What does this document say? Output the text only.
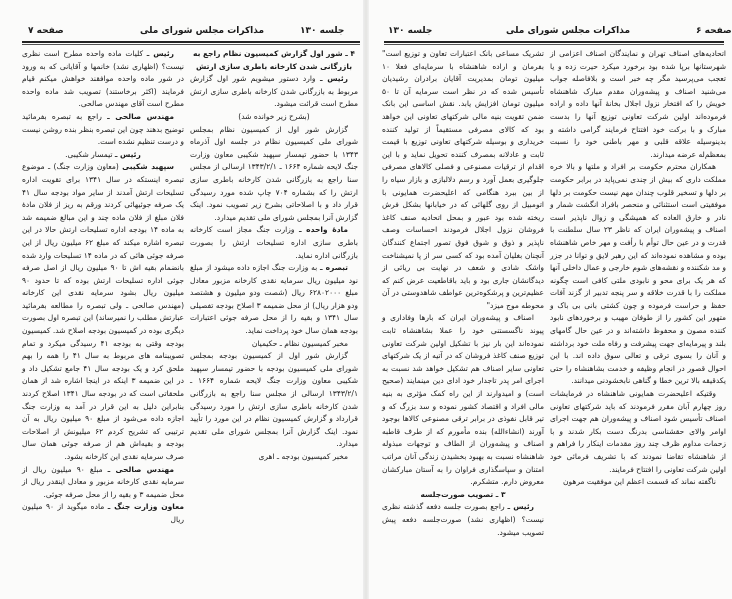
صفحه ۷	مذاکرات مجلس شورای ملی	جلسه ۱۳۰

۴ ـ شور اول گزارش کمیسیون نظام راجع به بازرگانی شدن کارخانه باطری سازی ارتش

رئیس ـ وارد دستور میشویم شور اول گزارش مربوط به بازرگانی شدن کارخانه باطری سازی ارتش مطرح است قرائت میشود.

(بشرح زیر خوانده شد)

گزارش شور اول از کمیسیون نظام بمجلس شورای ملی کمیسیون نظام در جلسه اول آذرماه ۱۳۴۳ با حضور تیمسار سپهبد شکیبی معاون وزارت جنگ لایحه شماره ۱۶۶۴ ـ ۱۳۴۳/۲/۱ ارسالی از مجلس سنا راجع به بازرگانی شدن کارخانه باطری سازی ارتش را که بشماره ۷۰۴ چاپ شده مورد رسیدگی قرار داد و با اصلاحاتی بشرح زیر تصویب نمود. اینک گزارش آنرا بمجلس شورای ملی تقدیم میدارد.

مادهٔ واحده ـ وزارت جنگ مجاز است کارخانه باطری سازی اداره تسلیحات ارتش را بصورت بازرگانی اداره نماید.

تبصره ـ به وزارت جنگ اجازه داده میشود از مبلغ نود میلیون ریال سرمایه نقدی کارخانه مزبور معادل مبلغ ۶۲۸۰۲۰۰۰ ریال (شصت ودو میلیون و هشتصد ودو هزار ریال) از محل ضمیمه ۳ اصلاح بودجه تفصیلی سال ۱۳۴۱ و بقیه را از محل صرفه جوئی اعتبارات بودجه همان سال خود پرداخت نماید.

مخبر کمیسیون نظام ـ حکیمیان

گزارش شور اول از کمیسیون بودجه بمجلس شورای ملی کمیسیون بودجه با حضور تیمسار سپهبد شکیبی معاون وزارت جنگ لایحه شماره ۱۶۶۴ ـ ۱۳۴۳/۲/۱ ارسالی از مجلس سنا راجع به بازرگانی شدن کارخانه باطری سازی ارتش را مورد رسیدگی قرارداد و گزارش کمیسیون نظام در این مورد را تأیید نمود. اینک گزارش آنرا بمجلس شورای ملی تقدیم میدارد.

مخبر کمیسیون بودجه ـ اهری

رئیس ـ کلیات ماده واحده مطرح است نظری نیست؟ (اظهاری نشد) خانمها و آقایانی که به ورود در شور ماده واحده موافقند خواهش میکنم قیام فرمایند (اکثر برخاستند) تصویب شد ماده واحده مطرح است آقای مهندس صالحی.

مهندس صالحی ـ راجع به تبصره بفرمائید توضیح بدهند چون این تبصره بنظر بنده روشن نیست و درست تنظیم نشده است.

رئیس ـ تیمسار شکیبی.

سپهبد شکیبی (معاون وزارت جنگ) ـ موضوع تبصره اینستکه در سال ۱۳۴۱ برای تقویت اداره تسلیحات ارتش آمدند از سایر مواد بودجه سال ۴۱ یک صرفه جوئیهائی کردند ورقم به ریز از فلان مادهٔ فلان مبلغ از فلان ماده چند و این مبالغ ضمیمه شد به ماده ۱۴ بودجه اداره تسلیحات ارتش حالا در این تبصره اشاره میکند که مبلغ ۶۲ میلیون ریال از این صرفه جوئی هائی که در ماده ۱۴ تسلیحات وارد شده بانضمام بقیه اش تا ۹۰ میلیون ریال از اصل صرفه جوئی اداره تسلیحات ارتش بوده که تا حدود ۹۰ میلیون ریال بشود سرمایه نقدی این کارخانه (مهندس صالحی ـ ولی تبصره را مطالعه بفرمائید عبارتش مطلب را نمیرساند) این تبصره اول بصورت دیگری بوده در کمیسیون بودجه اصلاح شد. کمیسیون بودجه وقتی به بودجه ۴۱ رسیدگی میکرد و تمام تصویبنامه های مربوط به سال ۴۱ را همه را بهم ملحق کرد و یک بودجه سال ۴۱ جامع تشکیل داد و در این ضمیمه ۳ اینکه در اینجا اشاره شد از همان ملحقاتی است که در بودجه سال ۱۳۴۱ اصلاح کردند بنابراین دلیل به این قرار در آمد به وزارت جنگ اجازه داده می‌شود از مبلغ ۹۰ میلیون ریال به آن ترتیبی که تشریح کردم ۶۲ میلیونش از اصلاحات بودجه و بقیه‌اش هم از صرفه جوئی همان سال صرف سرمایه نقدی این کارخانه بشود.

مهندس صالحی ـ مبلغ ۹۰ میلیون ریال از سرمایه نقدی کارخانه مزبور و معادل اینقدر ریال از محل ضمیمه ۳ و بقیه را از محل صرفه جوئی.

معاون وزارت جنگ ـ ماده میگوید از ۹۰ میلیون ریال

جلسه ۱۳۰	مذاکرات مجلس شورای ملی	صفحه ۶

اتحادیه‌های اصناف تهران و نمایندگان اصناف اعزامی از شهرستانها برپا شده بود برخورد میکرد حیرت زده و یا تعجب می‌پرسید مگر چه خبر است و بلافاصله جواب می‌شنید اصناف و پیشه‌وران مقدم مبارک شاهنشاه خویش را که افتخار نزول اجلال بخانهٔ آنها داده و اراده فرموده‌اند اولین شرکت تعاونی توزیع آنها را بدست مبارک و با برکت خود افتتاح فرمایند گرامی داشته و بدینوسیله علاقه قلبی و مهر باطنی خود را نسبت بمعظم‌له عرضه میدارند.

همکاران محترم حکومت بر افراد و ملتها و بالا خره مملکت داری که بیش از چندی نمی‌پاید در برابر حکومت بر دلها و تسخیر قلوب چندان مهم نیست حکومت بر دلها موفقیتی است استثنائی و منحصر بافراد انگشت شمار و نادر و خارق العاده که همیشگی و زوال ناپذیر است اصناف و پیشه‌وران ایران که ناظر ۲۳ سال سلطنت با قدرت و در عین حال توأم با رأفت و مهر خاص شاهنشاه بوده و مشاهده نموده‌اند که این رهبر لایق و توانا در جزر و مد شکننده و نقشه‌های شوم خارجی و عمال داخلی آنها که هر یک برای محو و نابودی ملتی کافی است چگونه مملکت را با قدرت خلاقه و سر پنجه تدبیر از گزند آفات حفظ و حراست فرموده و چون کشتی بانی بی باک و متهور این کشور را از طوفان مهیب و برخوردهای نابود کننده مصون و محفوظ داشته‌اند و در عین حال گامهای بلند و پیرمایه‌ای جهت پیشرفت و رفاه ملت خود برداشته و آنان را بسوی ترقی و تعالی سوق داده اند. با این احوال قصور در انجام وظیفه و خدمت بشاهنشاه را حتی یکدقیقه بالا ترین خطا و گناهی نابخشودنی میدانند.

وقتیکه اعلیحضرت همایونی شاهنشاه در فرمایشات روز چهارم آبان مقرر فرمودند که باید شرکتهای تعاونی اصناف تأسیس شود اصناف و پیشه‌وران هم جهت اجرای اوامر والای حقشناسی بدرنگ دست بکار شدند و با زحمات مداوم ظرف چند روز مقدمات اینکار را فراهم و از شاهنشاه تقاضا نمودند که با تشریف فرمائی خود اولین شرکت تعاونی را افتتاح فرمایند.

ناگفته نماند که قسمت اعظم این موفقیت مرهون

تشریک مساعی بانک اعتبارات تعاون و توزیع است" بفرمان و اراده شاهنشاه با سرمایه‌ای فعلا ۱۰ میلیون تومان بمدیریت آقایان برادران رشیدیان تأسیس شده که در نظر است سرمایه آن تا ۵۰ میلیون تومان افزایش یابد. نقش اساسی این بانک ضمن تقویت بنیه مالی شرکتهای تعاونی این خواهد بود که کالای مصرفی مستقیماً از تولید کننده خریداری و بوسیله شرکتهای تعاونی توزیع با قیمت ثابت و عادلانه بمصرف کننده تحویل نماید و با این اقدام از ترقیات مصنوعی و فصلی کالاهای مصرفی جلوگیری بعمل آورد و رسم دلالبازی و بازار سیاه را از بین ببرد هنگامی که اعلیحضرت همایونی با اتومبیل از روی گلهائی که در خیابانها بشکل فرش ریخته شده بود عبور و بمحل اتحادیه صنف کاغذ فروشان نزول اجلال فرمودند احساسات وصف ناپذیر و ذوق و شوق فوق تصور اجتماع کنندگان آنچنان بغلیان آمده بود که کسی سر از پا نمیشناخت واشک شادی و شعف در نهایت بی ریائی از دیدگانشان جاری بود و باید باقاطعیت عرض کنم که عظیم‌ترین و پرشکوه‌ترین عواطف شاهدوستی در آن محوطه موج میزد"

اصناف و پیشه‌وران ایران که بارها وفاداری و پیوند ناگسستنی خود را عملا بشاهنشاه ثابت نموده‌اند این بار نیز با تشکیل اولین شرکت تعاونی توزیع صنف کاغذ فروشان که در آتیه از یک شرکتهای تعاونی سایر اصناف هم تشکیل خواهد شد نسبت به اجرای امر پدر تاجدار خود ادای دین مینمایند (صحیح است) و امیدوارند از این راه کمک مؤثری به بنیه مالی افراد و اقتصاد کشور نموده و سد بزرگ که و تیر قابل نفوذی در برابر ترقی مصنوعی کالاها بوجود آورند (انشاءالله) بنده مأمورم که از طرف قاطبه اصناف و پیشه‌وران از الطاف و توجهات مبذوله شاهنشاه نسبت به بهبود بخشیدن زندگی آنان مراتب امتنان و سپاسگذاری فراوان را به آستان مبارکشان معروض دارم. متشکرم.

۳ ـ تصویب صورت‌جلسه

رئیس ـ راجع بصورت جلسه دفعه گذشته نظری نیست؟ (اظهاری نشد) صورت‌جلسه دفعه پیش تصویب میشود.
